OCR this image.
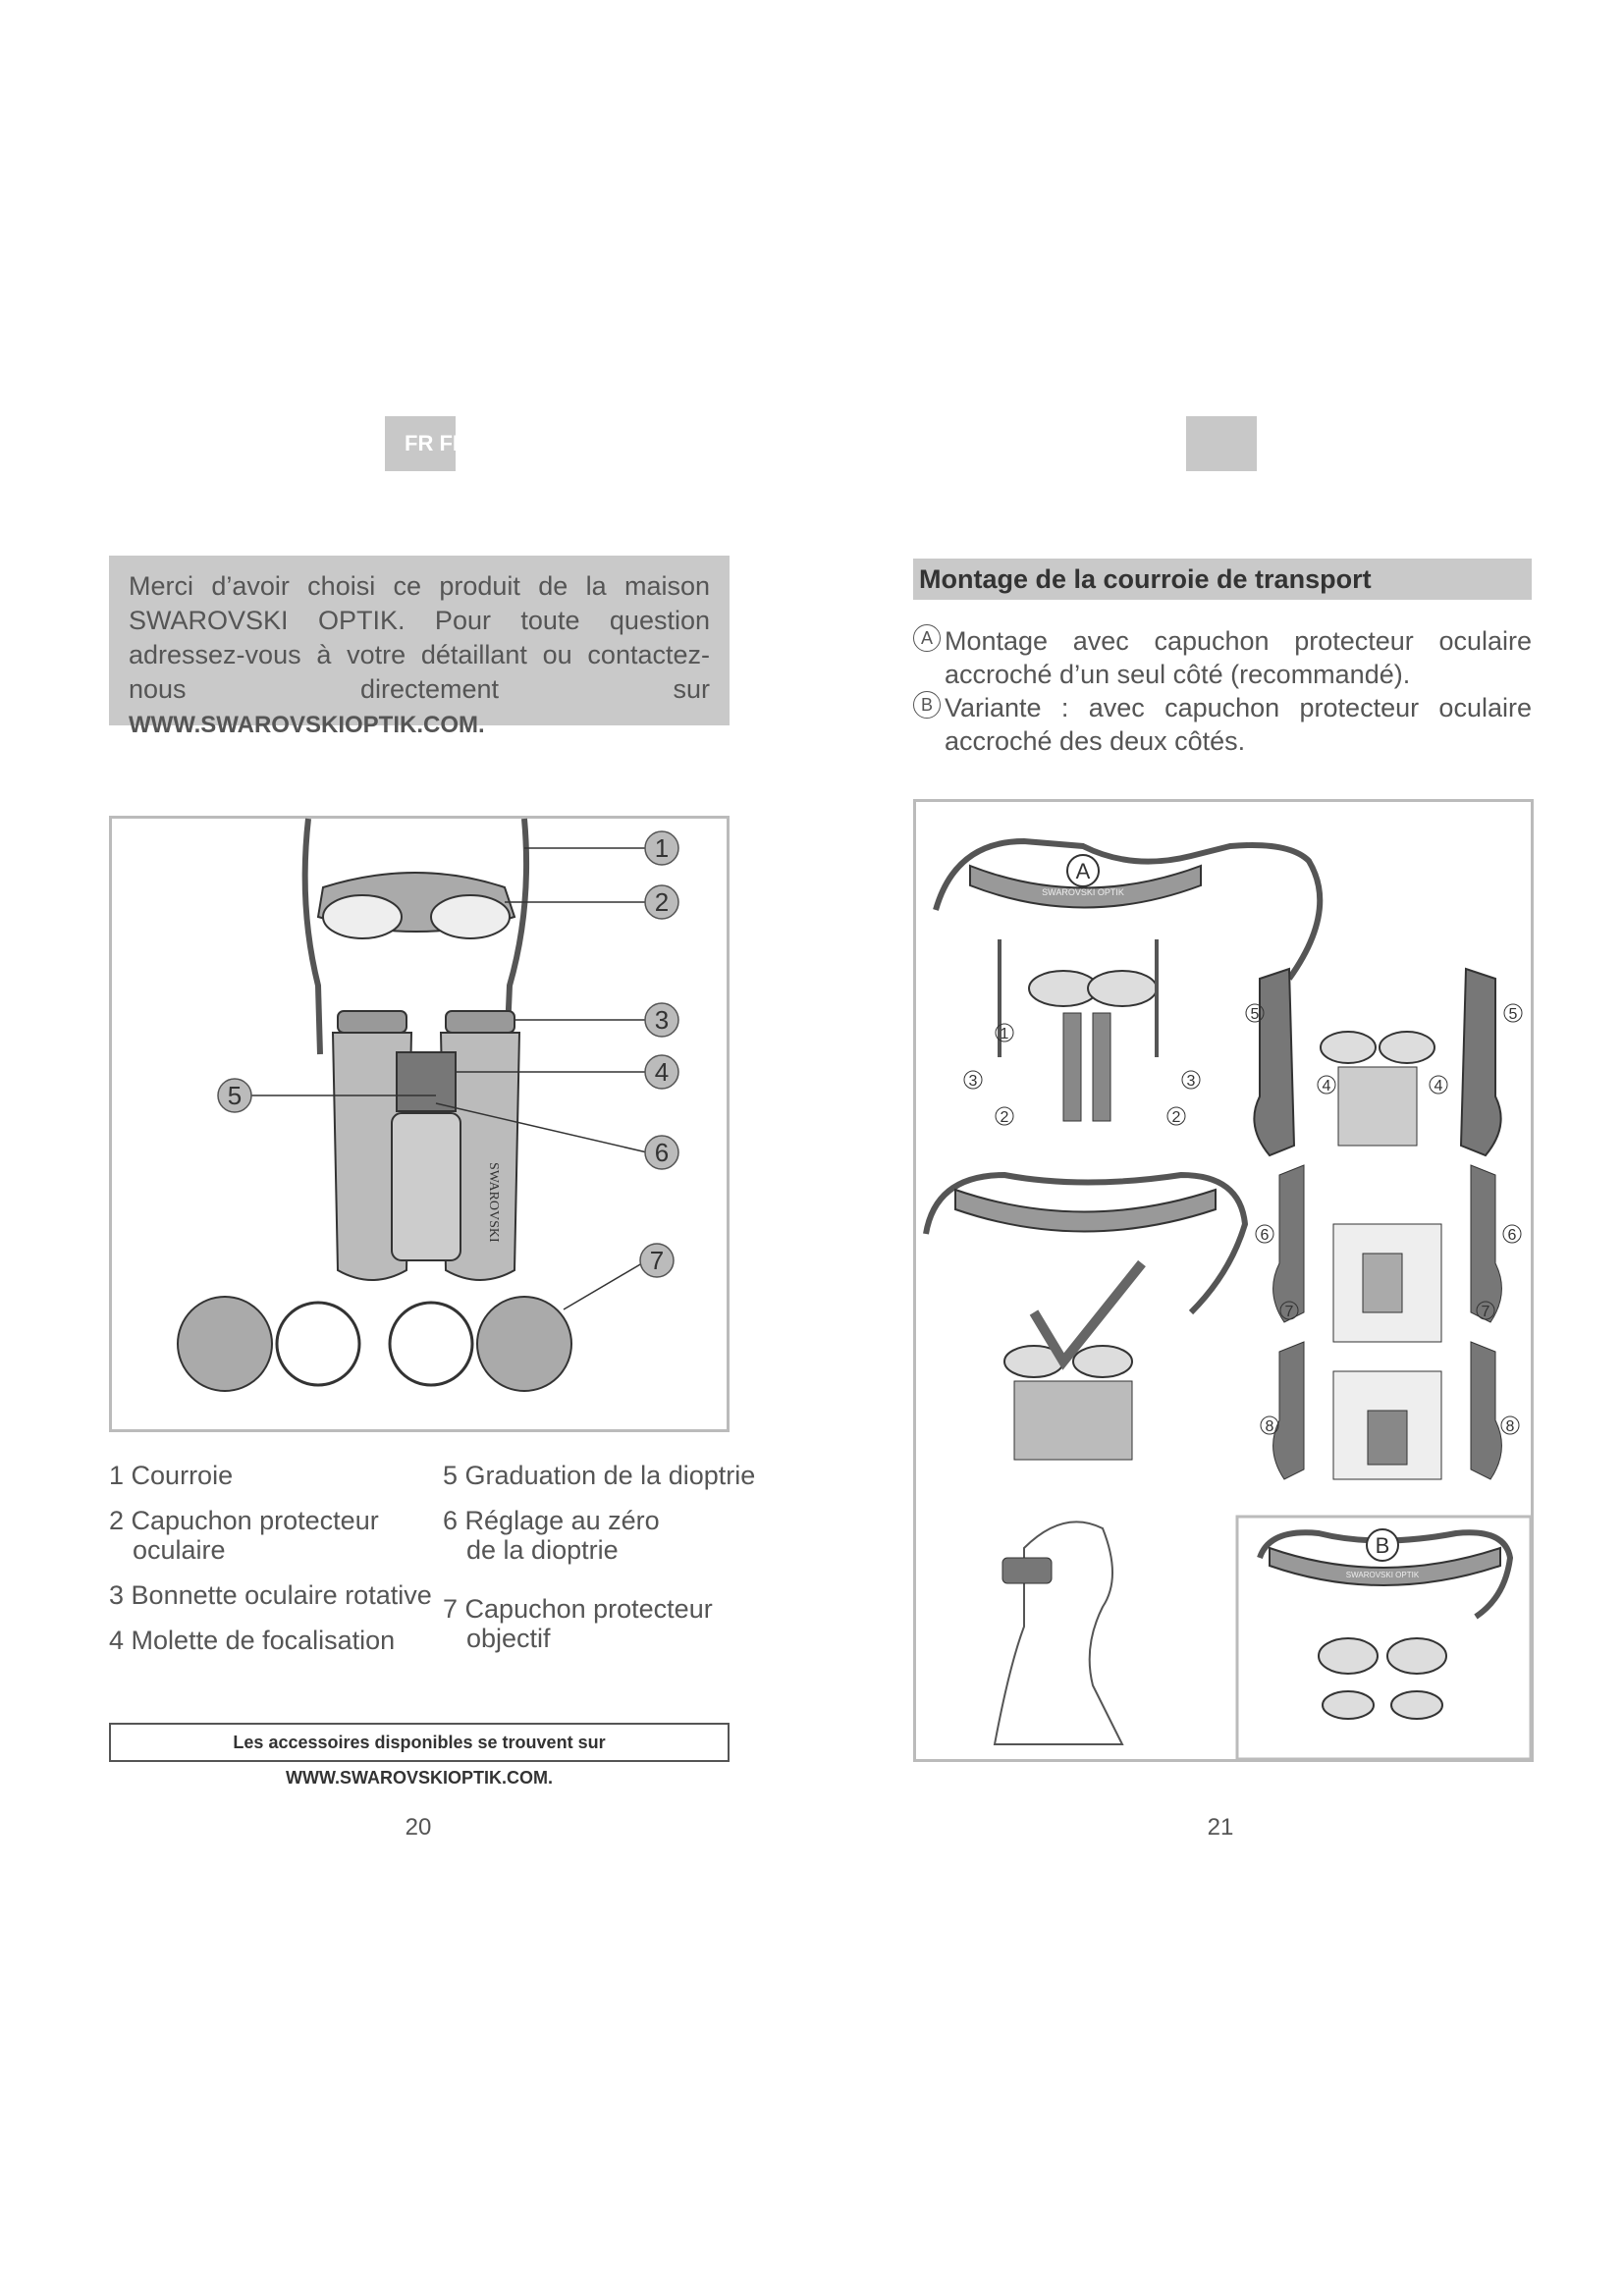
FR FR
Merci d’avoir choisi ce produit de la maison SWAROVSKI OPTIK. Pour toute question adressez-vous à votre détaillant ou contactez-nous directement sur WWW.SWAROVSKIOPTIK.COM.
SWAROVSKI
1
2
3
4
5
6
7
1 Courroie
2 Capuchon protecteur
oculaire
3 Bonnette oculaire rotative
4 Molette de focalisation
5 Graduation de la dioptrie
6 Réglage au zéro
de la dioptrie
7 Capuchon protecteur
objectif
Les accessoires disponibles se trouvent sur WWW.SWAROVSKIOPTIK.COM.
20
Montage de la courroie de transport
A Montage avec capuchon protecteur oculaire accroché d’un seul côté (recommandé).
B Variante : avec capuchon protecteur oculaire accroché des deux côtés.
SWAROVSKI OPTIK
A
1
3	3
2	2
5	5
4	4
6	6
7	7
8	8
SWAROVSKI OPTIK
B
21
